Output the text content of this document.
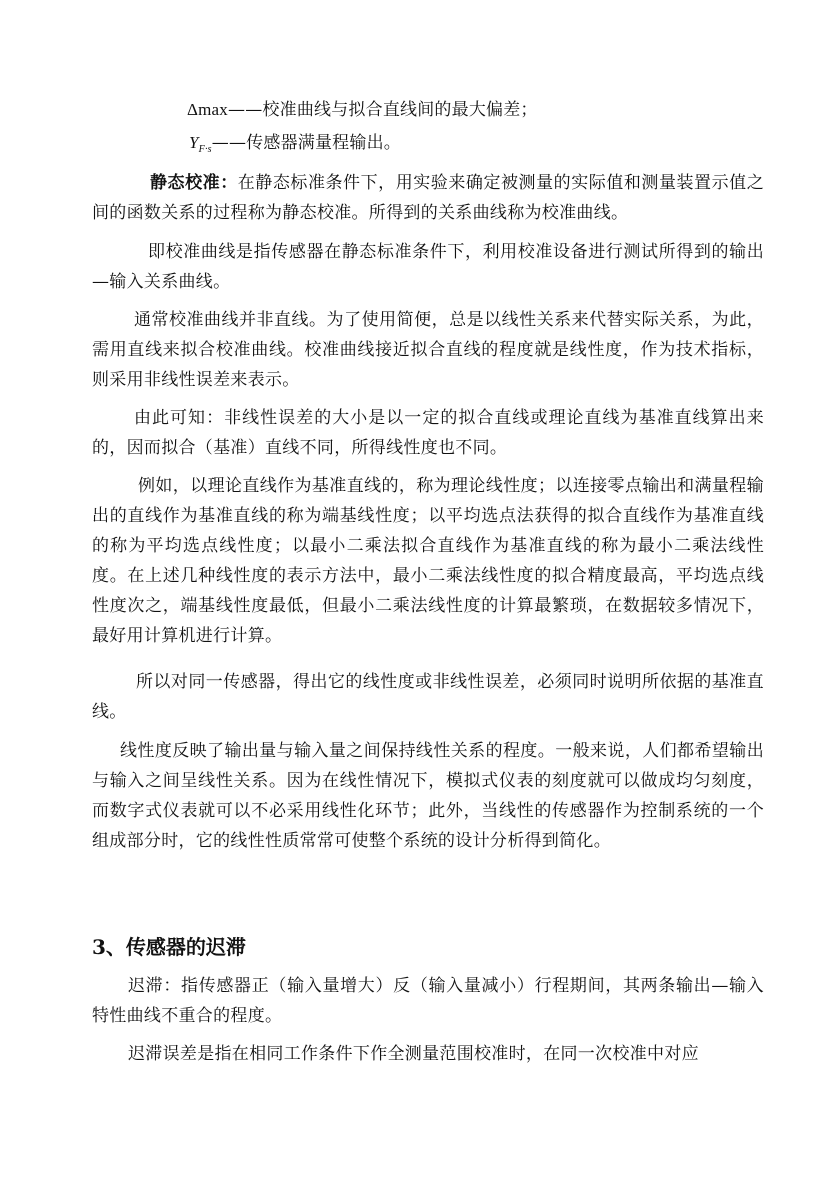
Δmax——校准曲线与拟合直线间的最大偏差；
$Y_{F\cdot s}——$传感器满量程输出。
静态校准：在静态标准条件下，用实验来确定被测量的实际值和测量装置示值之间的函数关系的过程称为静态校准。所得到的关系曲线称为校准曲线。
即校准曲线是指传感器在静态标准条件下，利用校准设备进行测试所得到的输出—输入关系曲线。
通常校准曲线并非直线。为了使用简便，总是以线性关系来代替实际关系，为此，需用直线来拟合校准曲线。校准曲线接近拟合直线的程度就是线性度，作为技术指标，则采用非线性误差来表示。
由此可知：非线性误差的大小是以一定的拟合直线或理论直线为基准直线算出来的，因而拟合（基准）直线不同，所得线性度也不同。
例如，以理论直线作为基准直线的，称为理论线性度；以连接零点输出和满量程输出的直线作为基准直线的称为端基线性度；以平均选点法获得的拟合直线作为基准直线的称为平均选点线性度；以最小二乘法拟合直线作为基准直线的称为最小二乘法线性度。在上述几种线性度的表示方法中，最小二乘法线性度的拟合精度最高，平均选点线性度次之，端基线性度最低，但最小二乘法线性度的计算最繁琐，在数据较多情况下，最好用计算机进行计算。
所以对同一传感器，得出它的线性度或非线性误差，必须同时说明所依据的基准直线。
线性度反映了输出量与输入量之间保持线性关系的程度。一般来说，人们都希望输出与输入之间呈线性关系。因为在线性情况下，模拟式仪表的刻度就可以做成均匀刻度，而数字式仪表就可以不必采用线性化环节；此外，当线性的传感器作为控制系统的一个组成部分时，它的线性性质常常可使整个系统的设计分析得到简化。
3、传感器的迟滞
迟滞：指传感器正（输入量增大）反（输入量减小）行程期间，其两条输出—输入特性曲线不重合的程度。
迟滞误差是指在相同工作条件下作全测量范围校准时，在同一次校准中对应
